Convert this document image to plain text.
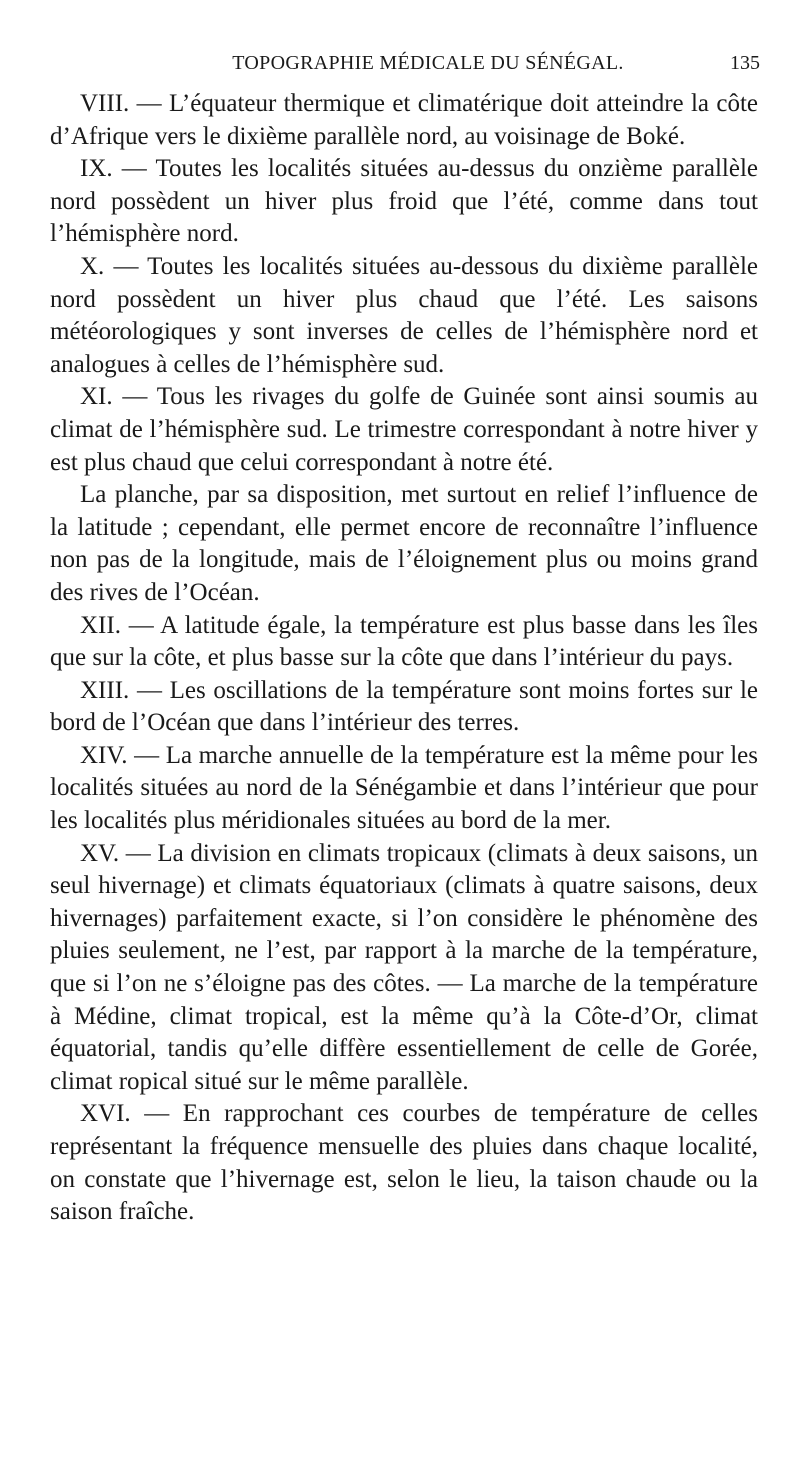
TOPOGRAPHIE MÉDICALE DU SÉNÉGAL.	135

VIII. — L’équateur thermique et climatérique doit atteindre la côte d’Afrique vers le dixième parallèle nord, au voisinage de Boké.

IX. — Toutes les localités situées au-dessus du onzième parallèle nord possèdent un hiver plus froid que l’été, comme dans tout l’hémisphère nord.

X. — Toutes les localités situées au-dessous du dixième parallèle nord possèdent un hiver plus chaud que l’été. Les saisons météorologiques y sont inverses de celles de l’hémisphère nord et analogues à celles de l’hémisphère sud.

XI. — Tous les rivages du golfe de Guinée sont ainsi soumis au climat de l’hémisphère sud. Le trimestre correspondant à notre hiver y est plus chaud que celui correspondant à notre été.

La planche, par sa disposition, met surtout en relief l’influence de la latitude ; cependant, elle permet encore de reconnaître l’influence non pas de la longitude, mais de l’éloignement plus ou moins grand des rives de l’Océan.

XII. — A latitude égale, la température est plus basse dans les îles que sur la côte, et plus basse sur la côte que dans l’intérieur du pays.

XIII. — Les oscillations de la température sont moins fortes sur le bord de l’Océan que dans l’intérieur des terres.

XIV. — La marche annuelle de la température est la même pour les localités situées au nord de la Sénégambie et dans l’intérieur que pour les localités plus méridionales situées au bord de la mer.

XV. — La division en climats tropicaux (climats à deux saisons, un seul hivernage) et climats équatoriaux (climats à quatre saisons, deux hivernages) parfaitement exacte, si l’on considère le phénomène des pluies seulement, ne l’est, par rapport à la marche de la température, que si l’on ne s’éloigne pas des côtes. — La marche de la température à Médine, climat tropical, est la même qu’à la Côte-d’Or, climat équatorial, tandis qu’elle diffère essentiellement de celle de Gorée, climat ropical situé sur le même parallèle.

XVI. — En rapprochant ces courbes de température de celles représentant la fréquence mensuelle des pluies dans chaque localité, on constate que l’hivernage est, selon le lieu, la taison chaude ou la saison fraîche.
